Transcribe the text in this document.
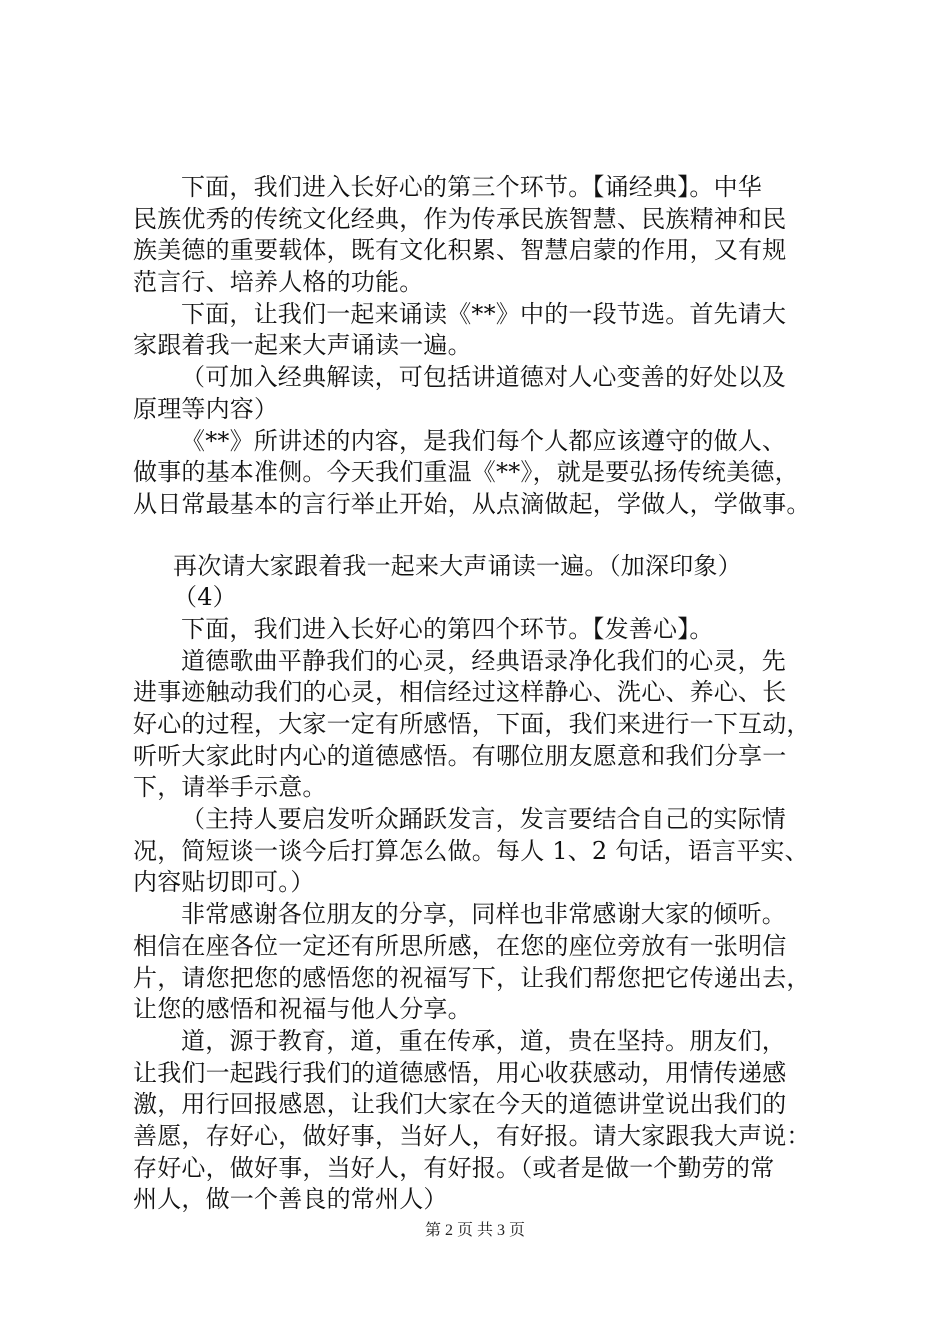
下面，我们进入长好心的第三个环节。【诵经典】。中华
民族优秀的传统文化经典，作为传承民族智慧、民族精神和民
族美德的重要载体，既有文化积累、智慧启蒙的作用，又有规
范言行、培养人格的功能。
下面，让我们一起来诵读《**》中的一段节选。首先请大
家跟着我一起来大声诵读一遍。
（可加入经典解读，可包括讲道德对人心变善的好处以及
原理等内容）
《**》所讲述的内容，是我们每个人都应该遵守的做人、
做事的基本准侧。今天我们重温《**》，就是要弘扬传统美德，
从日常最基本的言行举止开始，从点滴做起，学做人，学做事。
再次请大家跟着我一起来大声诵读一遍。（加深印象）
（4）
下面，我们进入长好心的第四个环节。【发善心】。
道德歌曲平静我们的心灵，经典语录净化我们的心灵，先
进事迹触动我们的心灵，相信经过这样静心、洗心、养心、长
好心的过程，大家一定有所感悟，下面，我们来进行一下互动，
听听大家此时内心的道德感悟。有哪位朋友愿意和我们分享一
下，请举手示意。
（主持人要启发听众踊跃发言，发言要结合自己的实际情
况，简短谈一谈今后打算怎么做。每人 1、2 句话，语言平实、
内容贴切即可。）
非常感谢各位朋友的分享，同样也非常感谢大家的倾听。
相信在座各位一定还有所思所感，在您的座位旁放有一张明信
片，请您把您的感悟您的祝福写下，让我们帮您把它传递出去，
让您的感悟和祝福与他人分享。
道，源于教育，道，重在传承，道，贵在坚持。朋友们，
让我们一起践行我们的道德感悟，用心收获感动，用情传递感
激，用行回报感恩，让我们大家在今天的道德讲堂说出我们的
善愿，存好心，做好事，当好人，有好报。请大家跟我大声说：
存好心，做好事，当好人，有好报。（或者是做一个勤劳的常
州人，做一个善良的常州人）
第 2 页 共 3 页
